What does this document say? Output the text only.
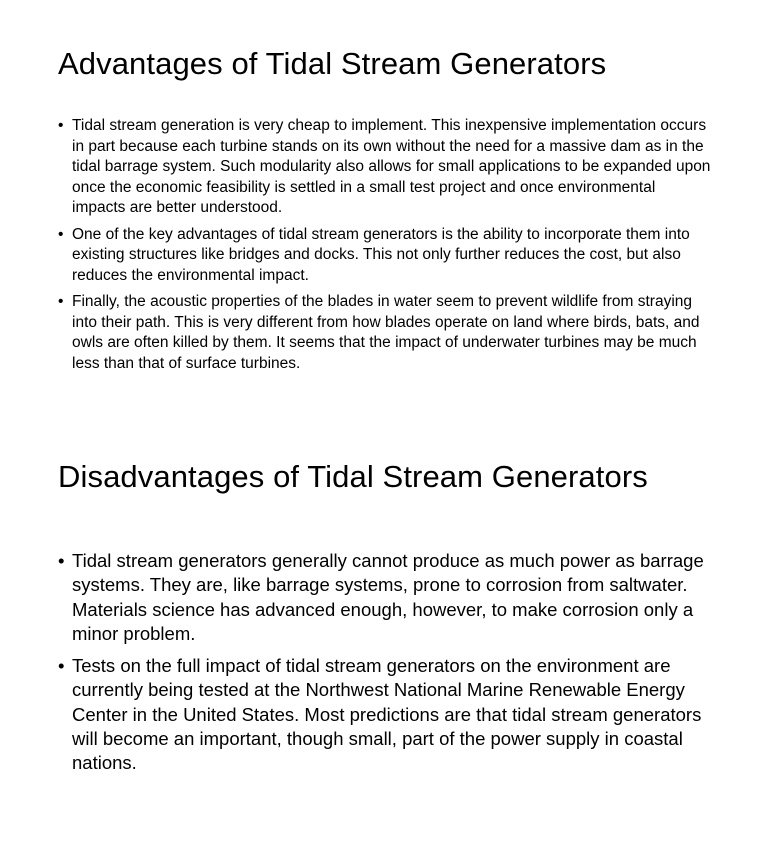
Advantages of Tidal Stream Generators
• Tidal stream generation is very cheap to implement. This inexpensive implementation occurs in part because each turbine stands on its own without the need for a massive dam as in the tidal barrage system. Such modularity also allows for small applications to be expanded upon once the economic feasibility is settled in a small test project and once environmental impacts are better understood.
• One of the key advantages of tidal stream generators is the ability to incorporate them into existing structures like bridges and docks. This not only further reduces the cost, but also reduces the environmental impact.
• Finally, the acoustic properties of the blades in water seem to prevent wildlife from straying into their path. This is very different from how blades operate on land where birds, bats, and owls are often killed by them. It seems that the impact of underwater turbines may be much less than that of surface turbines.
Disadvantages of Tidal Stream Generators
• Tidal stream generators generally cannot produce as much power as barrage systems. They are, like barrage systems, prone to corrosion from saltwater. Materials science has advanced enough, however, to make corrosion only a minor problem.
• Tests on the full impact of tidal stream generators on the environment are currently being tested at the Northwest National Marine Renewable Energy Center in the United States. Most predictions are that tidal stream generators will become an important, though small, part of the power supply in coastal nations.
